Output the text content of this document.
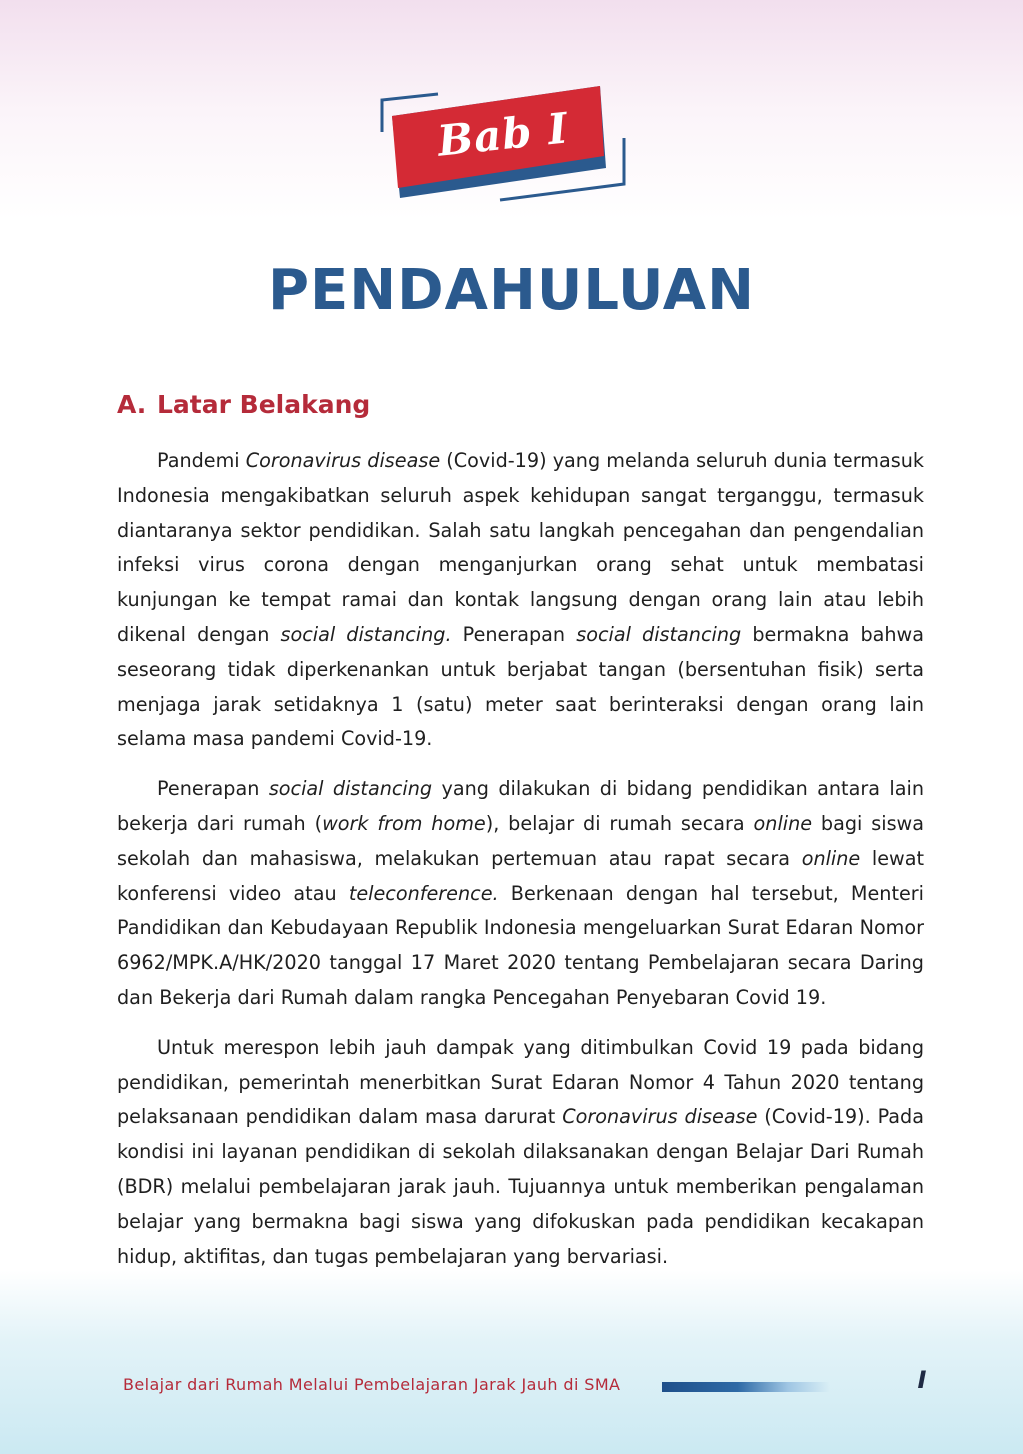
Bab I
PENDAHULUAN
A. Latar Belakang

Pandemi Coronavirus disease (Covid-19) yang melanda seluruh dunia termasuk Indonesia mengakibatkan seluruh aspek kehidupan sangat terganggu, termasuk diantaranya sektor pendidikan. Salah satu langkah pencegahan dan pengendalian infeksi virus corona dengan menganjurkan orang sehat untuk membatasi kunjungan ke tempat ramai dan kontak langsung dengan orang lain atau lebih dikenal dengan social distancing. Penerapan social distancing bermakna bahwa seseorang tidak diperkenankan untuk berjabat tangan (bersentuhan fisik) serta menjaga jarak setidaknya 1 (satu) meter saat berinteraksi dengan orang lain selama masa pandemi Covid-19.

Penerapan social distancing yang dilakukan di bidang pendidikan antara lain bekerja dari rumah (work from home), belajar di rumah secara online bagi siswa sekolah dan mahasiswa, melakukan pertemuan atau rapat secara online lewat konferensi video atau teleconference. Berkenaan dengan hal tersebut, Menteri Pandidikan dan Kebudayaan Republik Indonesia mengeluarkan Surat Edaran Nomor 6962/MPK.A/HK/2020 tanggal 17 Maret 2020 tentang Pembelajaran secara Daring dan Bekerja dari Rumah dalam rangka Pencegahan Penyebaran Covid 19.

Untuk merespon lebih jauh dampak yang ditimbulkan Covid 19 pada bidang pendidikan, pemerintah menerbitkan Surat Edaran Nomor 4 Tahun 2020 tentang pelaksanaan pendidikan dalam masa darurat Coronavirus disease (Covid-19). Pada kondisi ini layanan pendidikan di sekolah dilaksanakan dengan Belajar Dari Rumah (BDR) melalui pembelajaran jarak jauh. Tujuannya untuk memberikan pengalaman belajar yang bermakna bagi siswa yang difokuskan pada pendidikan kecakapan hidup, aktifitas, dan tugas pembelajaran yang bervariasi.

Belajar dari Rumah Melalui Pembelajaran Jarak Jauh di SMA	I
